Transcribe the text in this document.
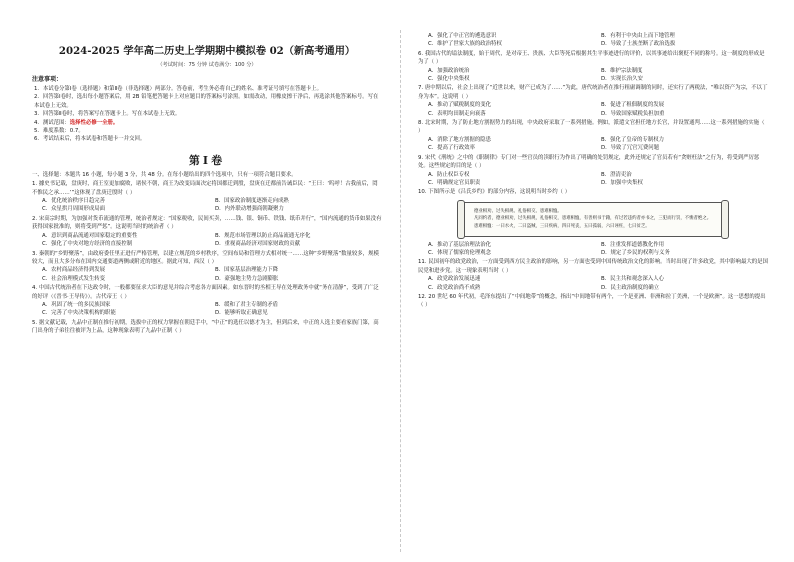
2024-2025 学年高二历史上学期期中模拟卷 02（新高考通用）
（考试时间：75 分钟 试卷满分：100 分）
注意事项：
1．本试卷分第Ⅰ卷（选择题）和第Ⅱ卷（非选择题）两部分。答卷前，考生务必将自己的姓名、准考证号填写在答题卡上。
2．回答第Ⅰ卷时，选出每小题答案后，用 2B 铅笔把答题卡上对应题目的答案标号涂黑。如需改动，用橡皮擦干净后，再选涂其他答案标号。写在本试卷上无效。
3．回答第Ⅱ卷时，将答案写在答题卡上。写在本试卷上无效。
4．测试范围：选择性必修一全册。
5．难度系数：0.7。
6．考试结束后，将本试卷和答题卡一并交回。
第Ⅰ卷
一、选择题：本题共 16 小题，每小题 3 分，共 48 分。在每小题给出的四个选项中，只有一项符合题目要求。
1. 據史书记载，盘庚时，商王室更加腐败，诸侯不朝，商王为改变局面决定将国都迁到殷，盘庚在迁都前告诫臣民：“王曰：‘呜呼！古我前后，罔不惟民之承……’”这体现了盘庚迁殷时（ ）
A．优化统治秩序日趋完善	B．国家政治制度逐渐走向成熟
C．众星拱月周围形成局面	D．内外联动增强商朝凝聚力
2. 宋高宗时期，为加强对货币流通的管理，统治者规定：“国家税收，民间买卖，……钱、银、铜币、铁钱、纸币并行”，“国内流通的货币如果没有获得国家批准的，则将受到严惩”。这说明当时的统治者（ ）
A．意识到商品流通对国家稳定的重要性	B．规范市场管理以防止商品流通无序化
C．强化了中央对地方经济的直接控制	D．重视商品经济对国家财政的贡献
3. 秦朝的“乡野聚落”，由政府委任里正进行严格管理，以建立规范的乡村秩序，空间布局和管理方式相对统一……这种“乡野聚落”数量较多，规模较大，而且大多分布在国内交通要道两侧或附近的地区。据此可知，西汉（ ）
A．农村商品经济得到发展	B．国家基层治理能力下降
C．社会治理模式发生转变	D．豪强地主势力急剧膨胀
4. 中国古代统治者在下达政令时，一般都要征求大臣的意见并综合考虑各方面因素。如东晋时的丞相王导在处理政务中就“务在清静”，受到了广泛的好评（《晋书·王导传》）。古代帝王（ ）
A．巩固了统一的多民族国家	B．缓和了君主专制的矛盾
C．完善了中央决策机构的职能	D．能够听取正确意见
5. 据文献记载，九品中正制在推行初期，选拔中正的权力掌握在朝廷手中，“中正”的选任以德才为主，但到后来，中正的人选主要看家族门第，高门出身的子弟往往被评为上品，这种现象表明了九品中正制（ ）
A．强化了中正官的遴选意识	B．有利于中央由上而下地管理
C．维护了世家大族的政治特权	D．导致了士族垄断了政治选拔
6. 我国古代的谥法制度，始于周代，是对帝王、贵族、大臣等死后根据其生平事迹进行的评价，以其事迹给出褒贬不同的称号。这一制度的形成是为了（ ）
A．加强政治统治	B．维护宗法制度
C．强化中央集权	D．实现长治久安
7. 唐中期以后，社会上出现了“近世以来，财产已成为了……”为此，唐代统治者在推行租庸调制的同时，还实行了两税法，“唯以资产为宗，不以丁身为本”。这说明（ ）
A．推动了赋税制度的变化	B．促进了租佃制度的发展
C．表明均田制走向衰落	D．导致国家赋税负担加重
8. 北宋时期，为了防止地方割据势力的出现，中央政府采取了一系列措施。例如，派遣文官担任地方长官，并设置通判……这一系列措施的实施（ ）
A．消除了地方割据的隐患	B．强化了皇帝的专制权力
C．提高了行政效率	D．导致了冗官冗费问题
9. 宋代《刑统》之中的《职制律》专门对一些官员的渎职行为作出了明确的处罚规定，此外还规定了官员若有“贪赃枉法”之行为，将受到严厉惩处。这些规定的目的是（ ）
A．防止权臣专权	B．澄清吏治
C．明确规定官员职责	D．加强中央集权
10. 下图所示是《吕氏乡约》的部分内容，这说明当时乡约（ ）
德业相劝、过失相规、礼俗相交、患难相恤。
凡同约者，德业相劝，过失相规，礼俗相交，患难相恤，有善则书于籍，有过若违约者亦书之，三犯而行罚，不悛者绝之。
患难相恤：一曰水火，二曰盗贼，三曰疾病，四曰死丧，五曰孤弱，六曰诬枉，七曰贫乏。
A．推动了基层治理法治化	B．注重发挥道德教化作用
C．体现了儒家的伦理观念	D．规定了乡民的权利与义务
11. 民国初年的政党政治，一方面受到西方民主政治的影响，另一方面也受到中国传统政治文化的影响。当时出现了许多政党，其中影响最大的是国民党和进步党。这一现象表明当时（ ）
A．政党政治发展迅速	B．民主共和观念深入人心
C．政党政治尚不成熟	D．民主政治制度的确立
12. 20 世纪 60 年代初，毛泽东提出了“中间地带”的概念，指出“中间地带有两个，一个是亚洲、非洲和拉丁美洲，一个是欧洲”。这一思想的提出（ ）
